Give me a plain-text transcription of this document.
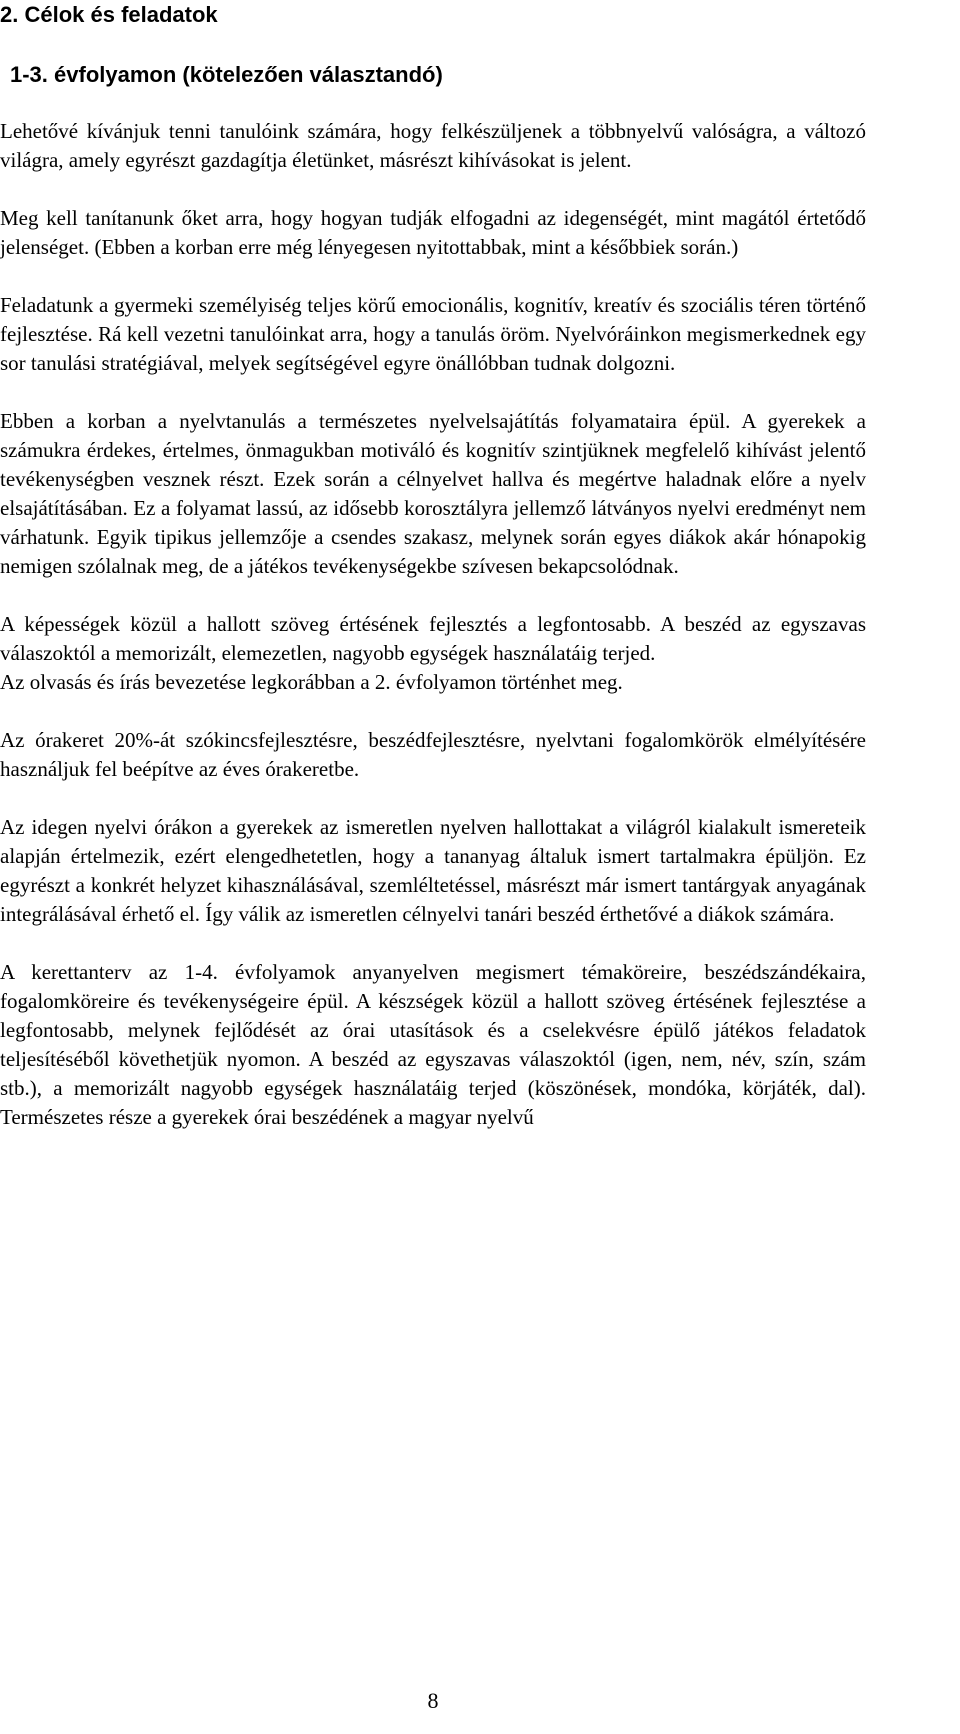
2. Célok és feladatok
1-3. évfolyamon (kötelezően választandó)

Lehetővé kívánjuk tenni tanulóink számára, hogy felkészüljenek a többnyelvű valóságra, a változó világra, amely egyrészt gazdagítja életünket, másrészt kihívásokat is jelent.

Meg kell tanítanunk őket arra, hogy hogyan tudják elfogadni az idegenségét, mint magától értetődő jelenséget. (Ebben a korban erre még lényegesen nyitottabbak, mint a későbbiek során.)

Feladatunk a gyermeki személyiség teljes körű emocionális, kognitív, kreatív és szociális téren történő fejlesztése. Rá kell vezetni tanulóinkat arra, hogy a tanulás öröm. Nyelvóráinkon megismerkednek egy sor tanulási stratégiával, melyek segítségével egyre önállóbban tudnak dolgozni.

Ebben a korban a nyelvtanulás a természetes nyelvelsajátítás folyamataira épül. A gyerekek a számukra érdekes, értelmes, önmagukban motiváló és kognitív szintjüknek megfelelő kihívást jelentő tevékenységben vesznek részt. Ezek során a célnyelvet hallva és megértve haladnak előre a nyelv elsajátításában. Ez a folyamat lassú, az idősebb korosztályra jellemző látványos nyelvi eredményt nem várhatunk. Egyik tipikus jellemzője a csendes szakasz, melynek során egyes diákok akár hónapokig nemigen szólalnak meg, de a játékos tevékenységekbe szívesen bekapcsolódnak.

A képességek közül a hallott szöveg értésének fejlesztés a legfontosabb. A beszéd az egyszavas válaszoktól a memorizált, elemezetlen, nagyobb egységek használatáig terjed.

Az olvasás és írás bevezetése legkorábban a 2. évfolyamon történhet meg.

Az órakeret 20%-át szókincsfejlesztésre, beszédfejlesztésre, nyelvtani fogalomkörök elmélyítésére használjuk fel beépítve az éves órakeretbe.

Az idegen nyelvi órákon a gyerekek az ismeretlen nyelven hallottakat a világról kialakult ismereteik alapján értelmezik, ezért elengedhetetlen, hogy a tananyag általuk ismert tartalmakra épüljön. Ez egyrészt a konkrét helyzet kihasználásával, szemléltetéssel, másrészt már ismert tantárgyak anyagának integrálásával érhető el. Így válik az ismeretlen célnyelvi tanári beszéd érthetővé a diákok számára.

A kerettanterv az 1-4. évfolyamok anyanyelven megismert témaköreire, beszédszándékaira, fogalomköreire és tevékenységeire épül. A készségek közül a hallott szöveg értésének fejlesztése a legfontosabb, melynek fejlődését az órai utasítások és a cselekvésre épülő játékos feladatok teljesítéséből követhetjük nyomon. A beszéd az egyszavas válaszoktól (igen, nem, név, szín, szám stb.), a memorizált nagyobb egységek használatáig terjed (köszönések, mondóka, körjáték, dal). Természetes része a gyerekek órai beszédének a magyar nyelvű

8
